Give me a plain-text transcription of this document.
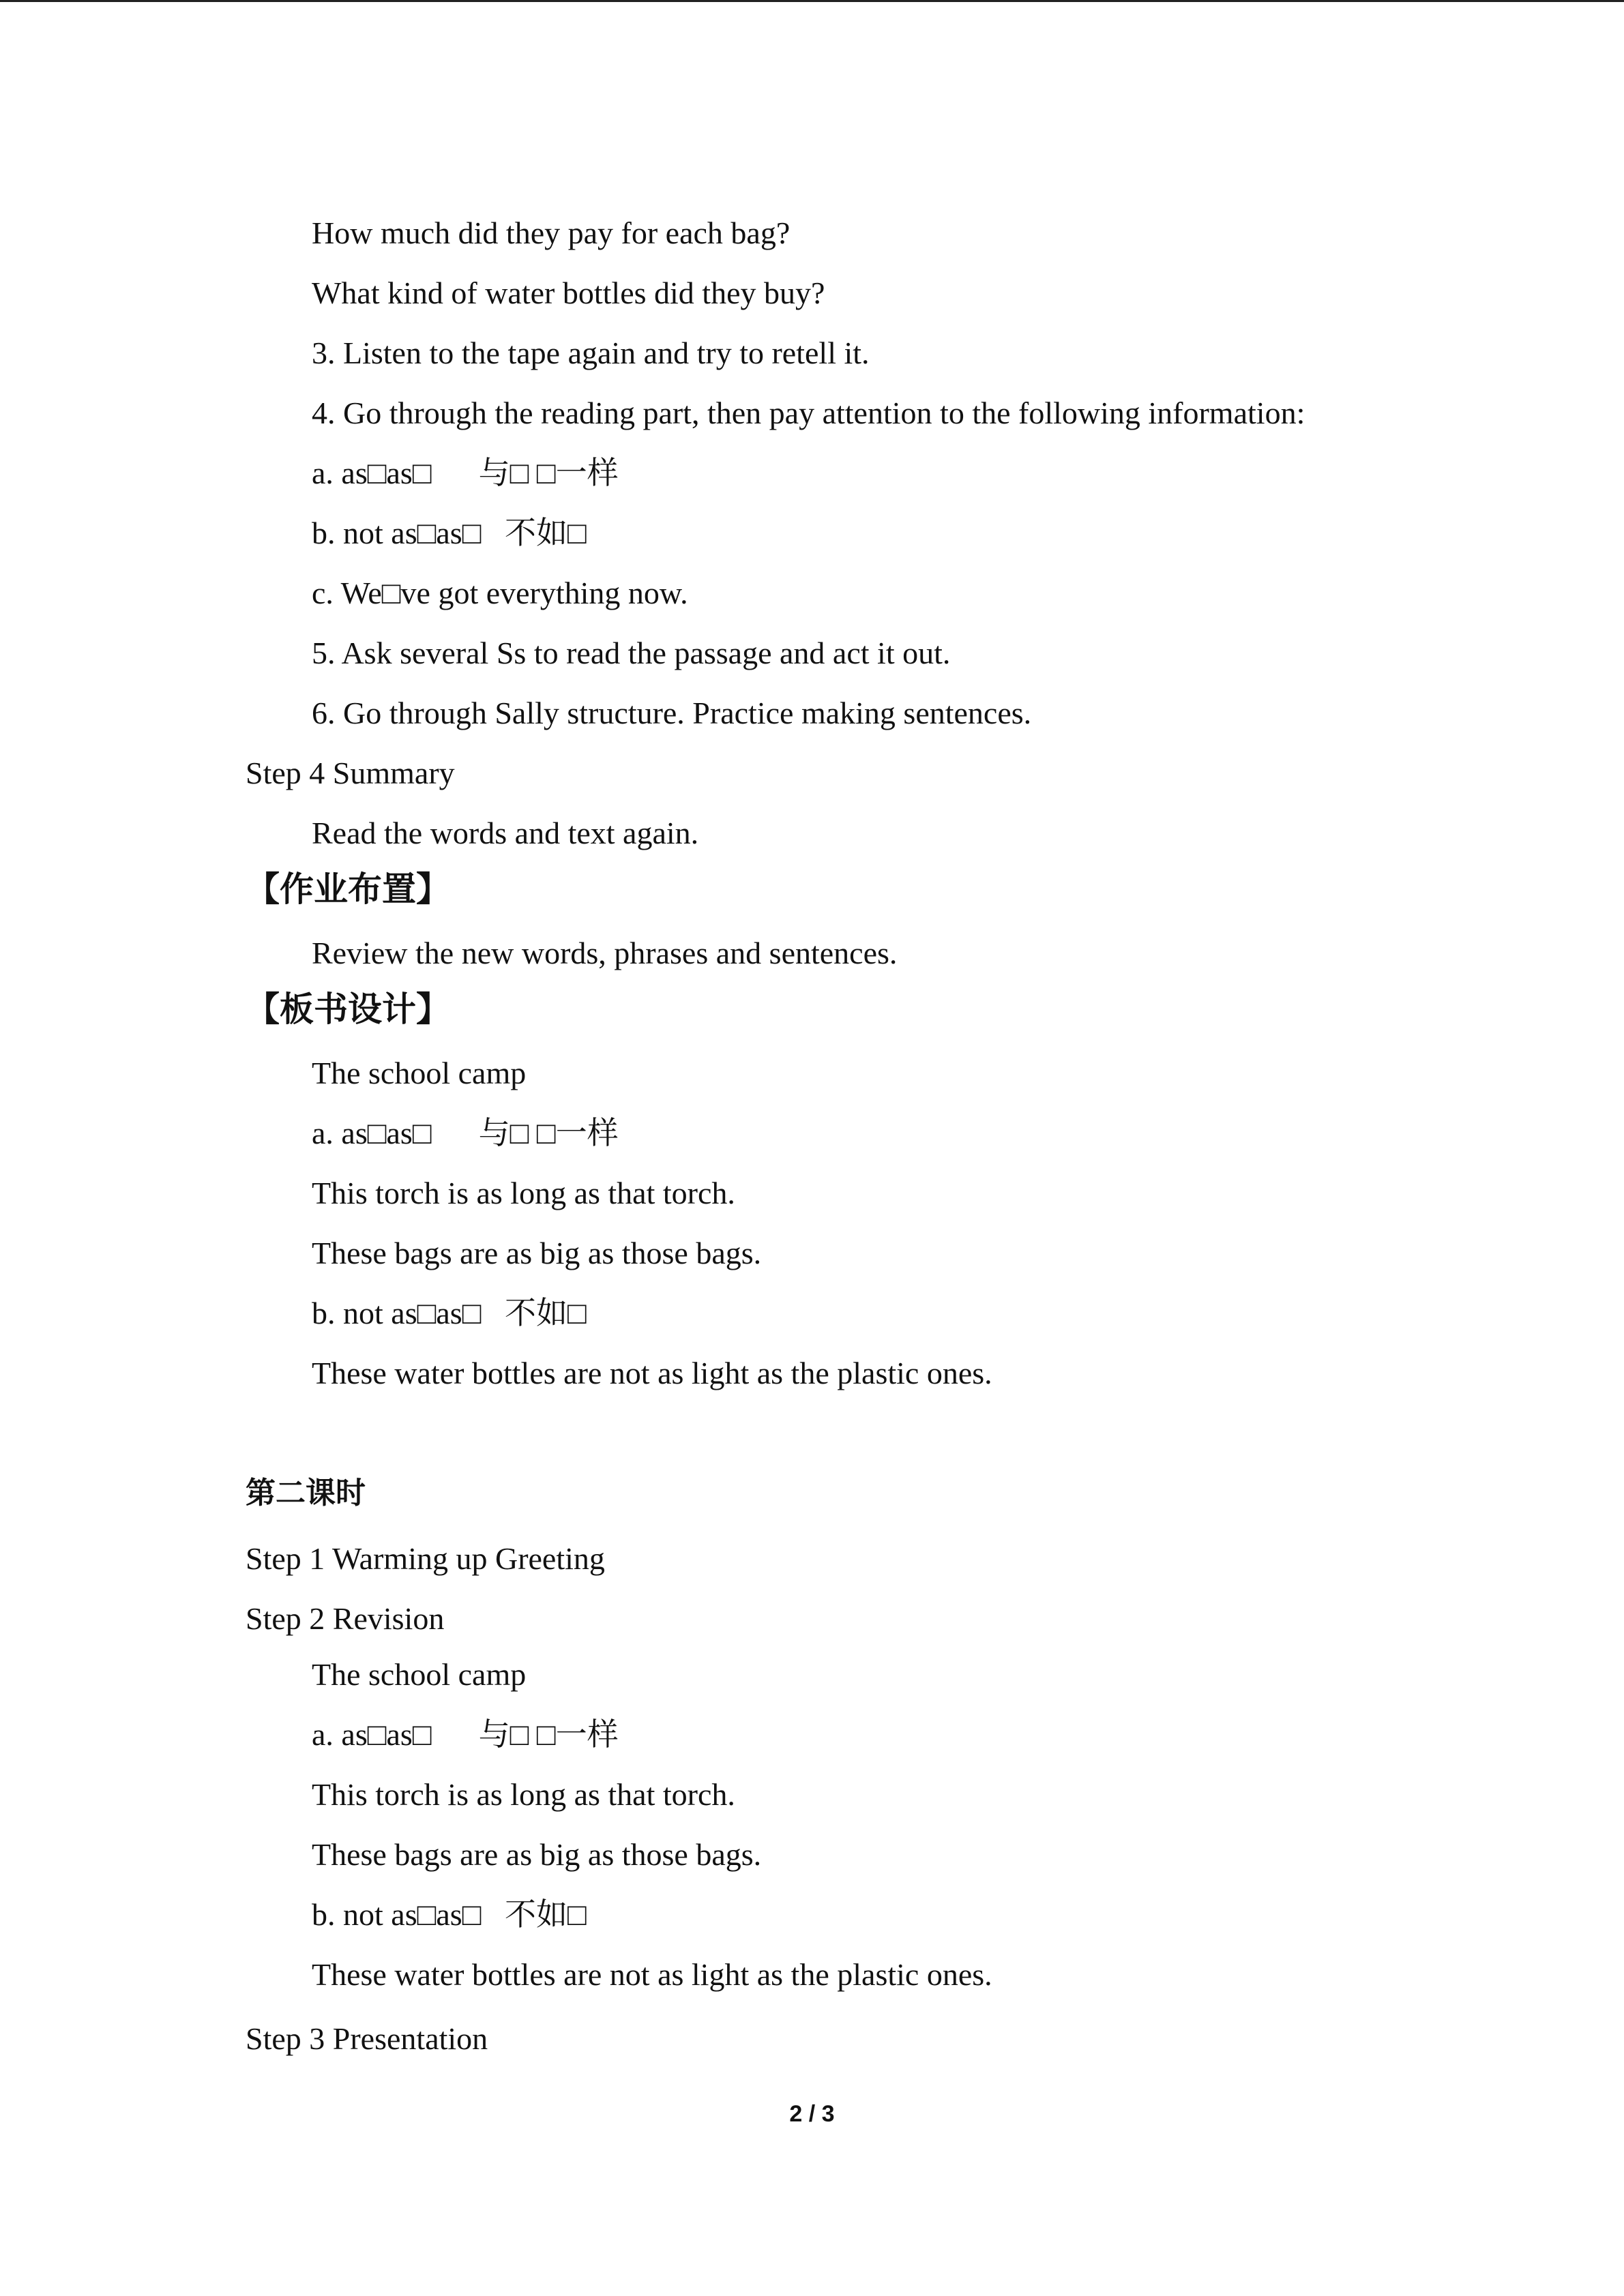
How much did they pay for each bag?
What kind of water bottles did they buy?
3. Listen to the tape again and try to retell it.
4. Go through the reading part, then pay attention to the following information:
a. as□as□      与□ □一样
b. not as□as□   不如□
c. We□ve got everything now.
5. Ask several Ss to read the passage and act it out.
6. Go through Sally structure. Practice making sentences.
Step 4 Summary
Read the words and text again.
【作业布置】
Review the new words, phrases and sentences.
【板书设计】
The school camp
a. as□as□      与□ □一样
This torch is as long as that torch.
These bags are as big as those bags.
b. not as□as□   不如□
These water bottles are not as light as the plastic ones.
第二课时
Step 1 Warming up Greeting
Step 2 Revision
The school camp
a. as□as□      与□ □一样
This torch is as long as that torch.
These bags are as big as those bags.
b. not as□as□   不如□
These water bottles are not as light as the plastic ones.
Step 3 Presentation
2 / 3
